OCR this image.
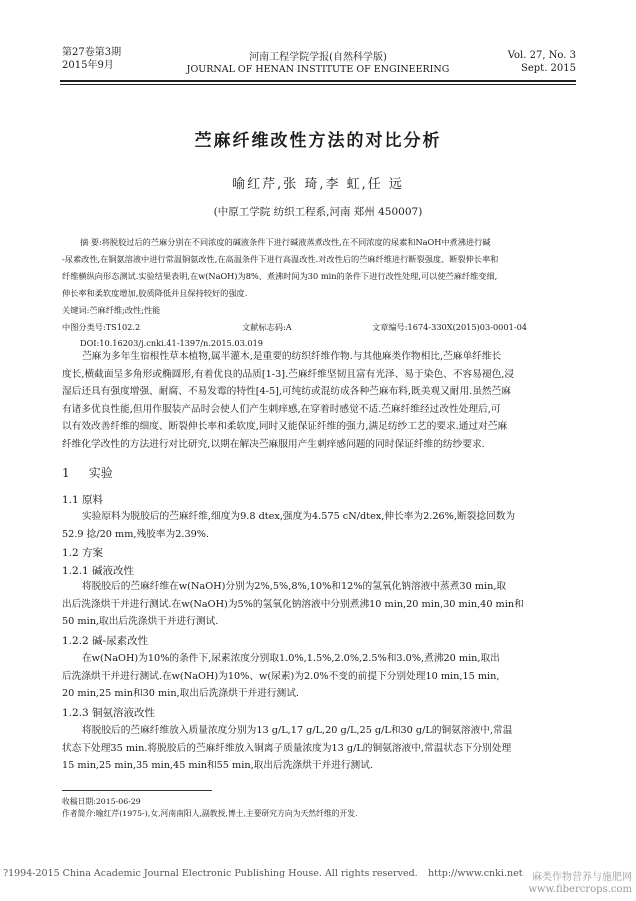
第27卷第3期
2015年9月
河南工程学院学报(自然科学版)
JOURNAL OF HENAN INSTITUTE OF ENGINEERING
Vol. 27, No. 3
Sept. 2015
苎麻纤维改性方法的对比分析
喻红芹,张 琦,李 虹,任 远
(中原工学院 纺织工程系,河南 郑州 450007)
摘 要:将脱胶过后的苎麻分别在不同浓度的碱液条件下进行碱液蒸煮改性,在不同浓度的尿素和NaOH中煮沸进行碱
-尿素改性,在铜氨溶液中进行常温铜氨改性,在高温条件下进行高温改性.对改性后的苎麻纤维进行断裂强度、断裂伸长率和
纤维横纵向形态测试.实验结果表明,在w(NaOH)为8%、煮沸时间为30 min的条件下进行改性处理,可以使苎麻纤维变细,
伸长率和柔软度增加,胶质降低并且保持较好的强度.
关键词:苎麻纤维;改性;性能
中图分类号:TS102.2	文献标志码:A	文章编号:1674-330X(2015)03-0001-04
DOI:10.16203/j.cnki.41-1397/n.2015.03.019
苎麻为多年生宿根性草本植物,属半灌木,是重要的纺织纤维作物.与其他麻类作物相比,苎麻单纤维长
度长,横截面呈多角形或椭圆形,有着优良的品质[1-3].苎麻纤维坚韧且富有光泽、易于染色、不容易褪色,浸
湿后还具有强度增强、耐腐、不易发霉的特性[4-5],可纯纺或混纺成各种苎麻布料,既美观又耐用.虽然苎麻
有诸多优良性能,但用作服装产品时会使人们产生刺痒感,在穿着时感觉不适.苎麻纤维经过改性处理后,可
以有效改善纤维的细度、断裂伸长率和柔软度,同时又能保证纤维的强力,满足纺纱工艺的要求.通过对苎麻
纤维化学改性的方法进行对比研究,以期在解决苎麻服用产生刺痒感问题的同时保证纤维的纺纱要求.
1 实验
1.1 原料
实验原料为脱胶后的苎麻纤维,细度为9.8 dtex,强度为4.575 cN/dtex,伸长率为2.26%,断裂捻回数为
52.9 捻/20 mm,残胶率为2.39%.
1.2 方案
1.2.1 碱液改性
将脱胶后的苎麻纤维在w(NaOH)分别为2%,5%,8%,10%和12%的氢氧化钠溶液中蒸煮30 min,取
出后洗涤烘干并进行测试.在w(NaOH)为5%的氢氧化钠溶液中分别煮沸10 min,20 min,30 min,40 min和
50 min,取出后洗涤烘干并进行测试.
1.2.2 碱-尿素改性
在w(NaOH)为10%的条件下,尿素浓度分别取1.0%,1.5%,2.0%,2.5%和3.0%,煮沸20 min,取出
后洗涤烘干并进行测试.在w(NaOH)为10%、w(尿素)为2.0%不变的前提下分别处理10 min,15 min,
20 min,25 min和30 min,取出后洗涤烘干并进行测试.
1.2.3 铜氨溶液改性
将脱胶后的苎麻纤维放入质量浓度分别为13 g/L,17 g/L,20 g/L,25 g/L和30 g/L的铜氨溶液中,常温
状态下处理35 min.将脱胶后的苎麻纤维放入铜离子质量浓度为13 g/L的铜氨溶液中,常温状态下分别处理
15 min,25 min,35 min,45 min和55 min,取出后洗涤烘干并进行测试.
收稿日期:2015-06-29
作者简介:喻红芹(1975-),女,河南南阳人,副教授,博士,主要研究方向为天然纤维的开发.
?1994-2015 China Academic Journal Electronic Publishing House. All rights reserved. http://www.cnki.net 麻类作物营养与施肥网 www.fibercrops.com
